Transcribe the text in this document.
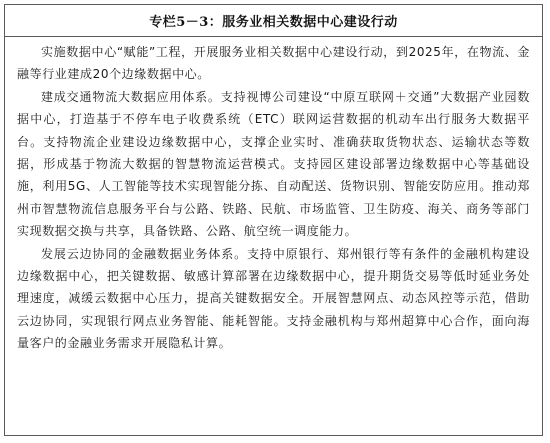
专栏5－3：服务业相关数据中心建设行动

实施数据中心“赋能”工程，开展服务业相关数据中心建设行动，到2025年，在物流、金融等行业建成20个边缘数据中心。

建成交通物流大数据应用体系。支持视博公司建设“中原互联网＋交通”大数据产业园数据中心，打造基于不停车电子收费系统（ETC）联网运营数据的机动车出行服务大数据平台。支持物流企业建设边缘数据中心，支撑企业实时、准确获取货物状态、运输状态等数据，形成基于物流大数据的智慧物流运营模式。支持园区建设部署边缘数据中心等基础设施，利用5G、人工智能等技术实现智能分拣、自动配送、货物识别、智能安防应用。推动郑州市智慧物流信息服务平台与公路、铁路、民航、市场监管、卫生防疫、海关、商务等部门实现数据交换与共享，具备铁路、公路、航空统一调度能力。

发展云边协同的金融数据业务体系。支持中原银行、郑州银行等有条件的金融机构建设边缘数据中心，把关键数据、敏感计算部署在边缘数据中心，提升期货交易等低时延业务处理速度，减缓云数据中心压力，提高关键数据安全。开展智慧网点、动态风控等示范，借助云边协同，实现银行网点业务智能、能耗智能。支持金融机构与郑州超算中心合作，面向海量客户的金融业务需求开展隐私计算。
